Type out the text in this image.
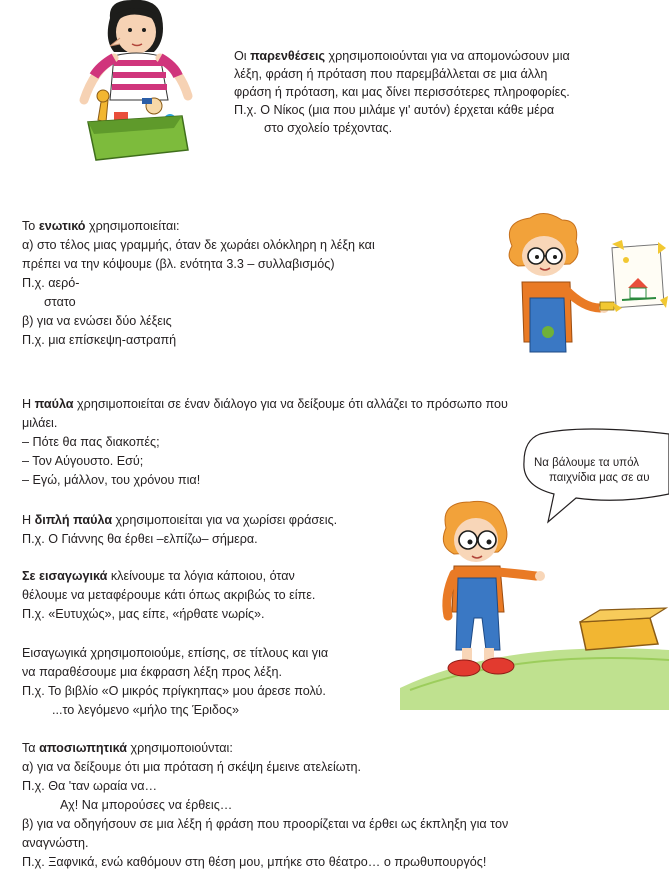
Οι παρενθέσεις χρησιμοποιούνται για να απομονώσουν μια
λέξη, φράση ή πρόταση που παρεμβάλλεται σε μια άλλη
φράση ή πρόταση, και μας δίνει περισσότερες πληροφορίες.
Π.χ. Ο Νίκος (μια που μιλάμε γι' αυτόν) έρχεται κάθε μέρα
στο σχολείο τρέχοντας.
Το ενωτικό χρησιμοποιείται:
α) στο τέλος μιας γραμμής, όταν δε χωράει ολόκληρη η λέξη και
πρέπει να την κόψουμε (βλ. ενότητα 3.3 – συλλαβισμός)
Π.χ. αερό-
στατο
β) για να ενώσει δύο λέξεις
Π.χ. μια επίσκεψη-αστραπή
Η παύλα χρησιμοποιείται σε έναν διάλογο για να δείξουμε ότι αλλάζει το πρόσωπο που
μιλάει.
– Πότε θα πας διακοπές;
– Τον Αύγουστο. Εσύ;
– Εγώ, μάλλον, του χρόνου πια!
Να βάλουμε τα υπόλ
παιχνίδια μας σε αυ
Η διπλή παύλα χρησιμοποιείται για να χωρίσει φράσεις.
Π.χ. Ο Γιάννης θα έρθει –ελπίζω– σήμερα.
Σε εισαγωγικά κλείνουμε τα λόγια κάποιου, όταν
θέλουμε να μεταφέρουμε κάτι όπως ακριβώς το είπε.
Π.χ. «Ευτυχώς», μας είπε, «ήρθατε νωρίς».
Εισαγωγικά χρησιμοποιούμε, επίσης, σε τίτλους και για
να παραθέσουμε μια έκφραση λέξη προς λέξη.
Π.χ. Το βιβλίο «Ο μικρός πρίγκηπας» μου άρεσε πολύ.
...το λεγόμενο «μήλο της Έριδος»
Τα αποσιωπητικά χρησιμοποιούνται:
α) για να δείξουμε ότι μια πρόταση ή σκέψη έμεινε ατελείωτη.
Π.χ. Θα 'ταν ωραία να…
Αχ! Να μπορούσες να έρθεις…
β) για να οδηγήσουν σε μια λέξη ή φράση που προορίζεται να έρθει ως έκπληξη για τον
αναγνώστη.
Π.χ. Ξαφνικά, ενώ καθόμουν στη θέση μου, μπήκε στο θέατρο… ο πρωθυπουργός!
